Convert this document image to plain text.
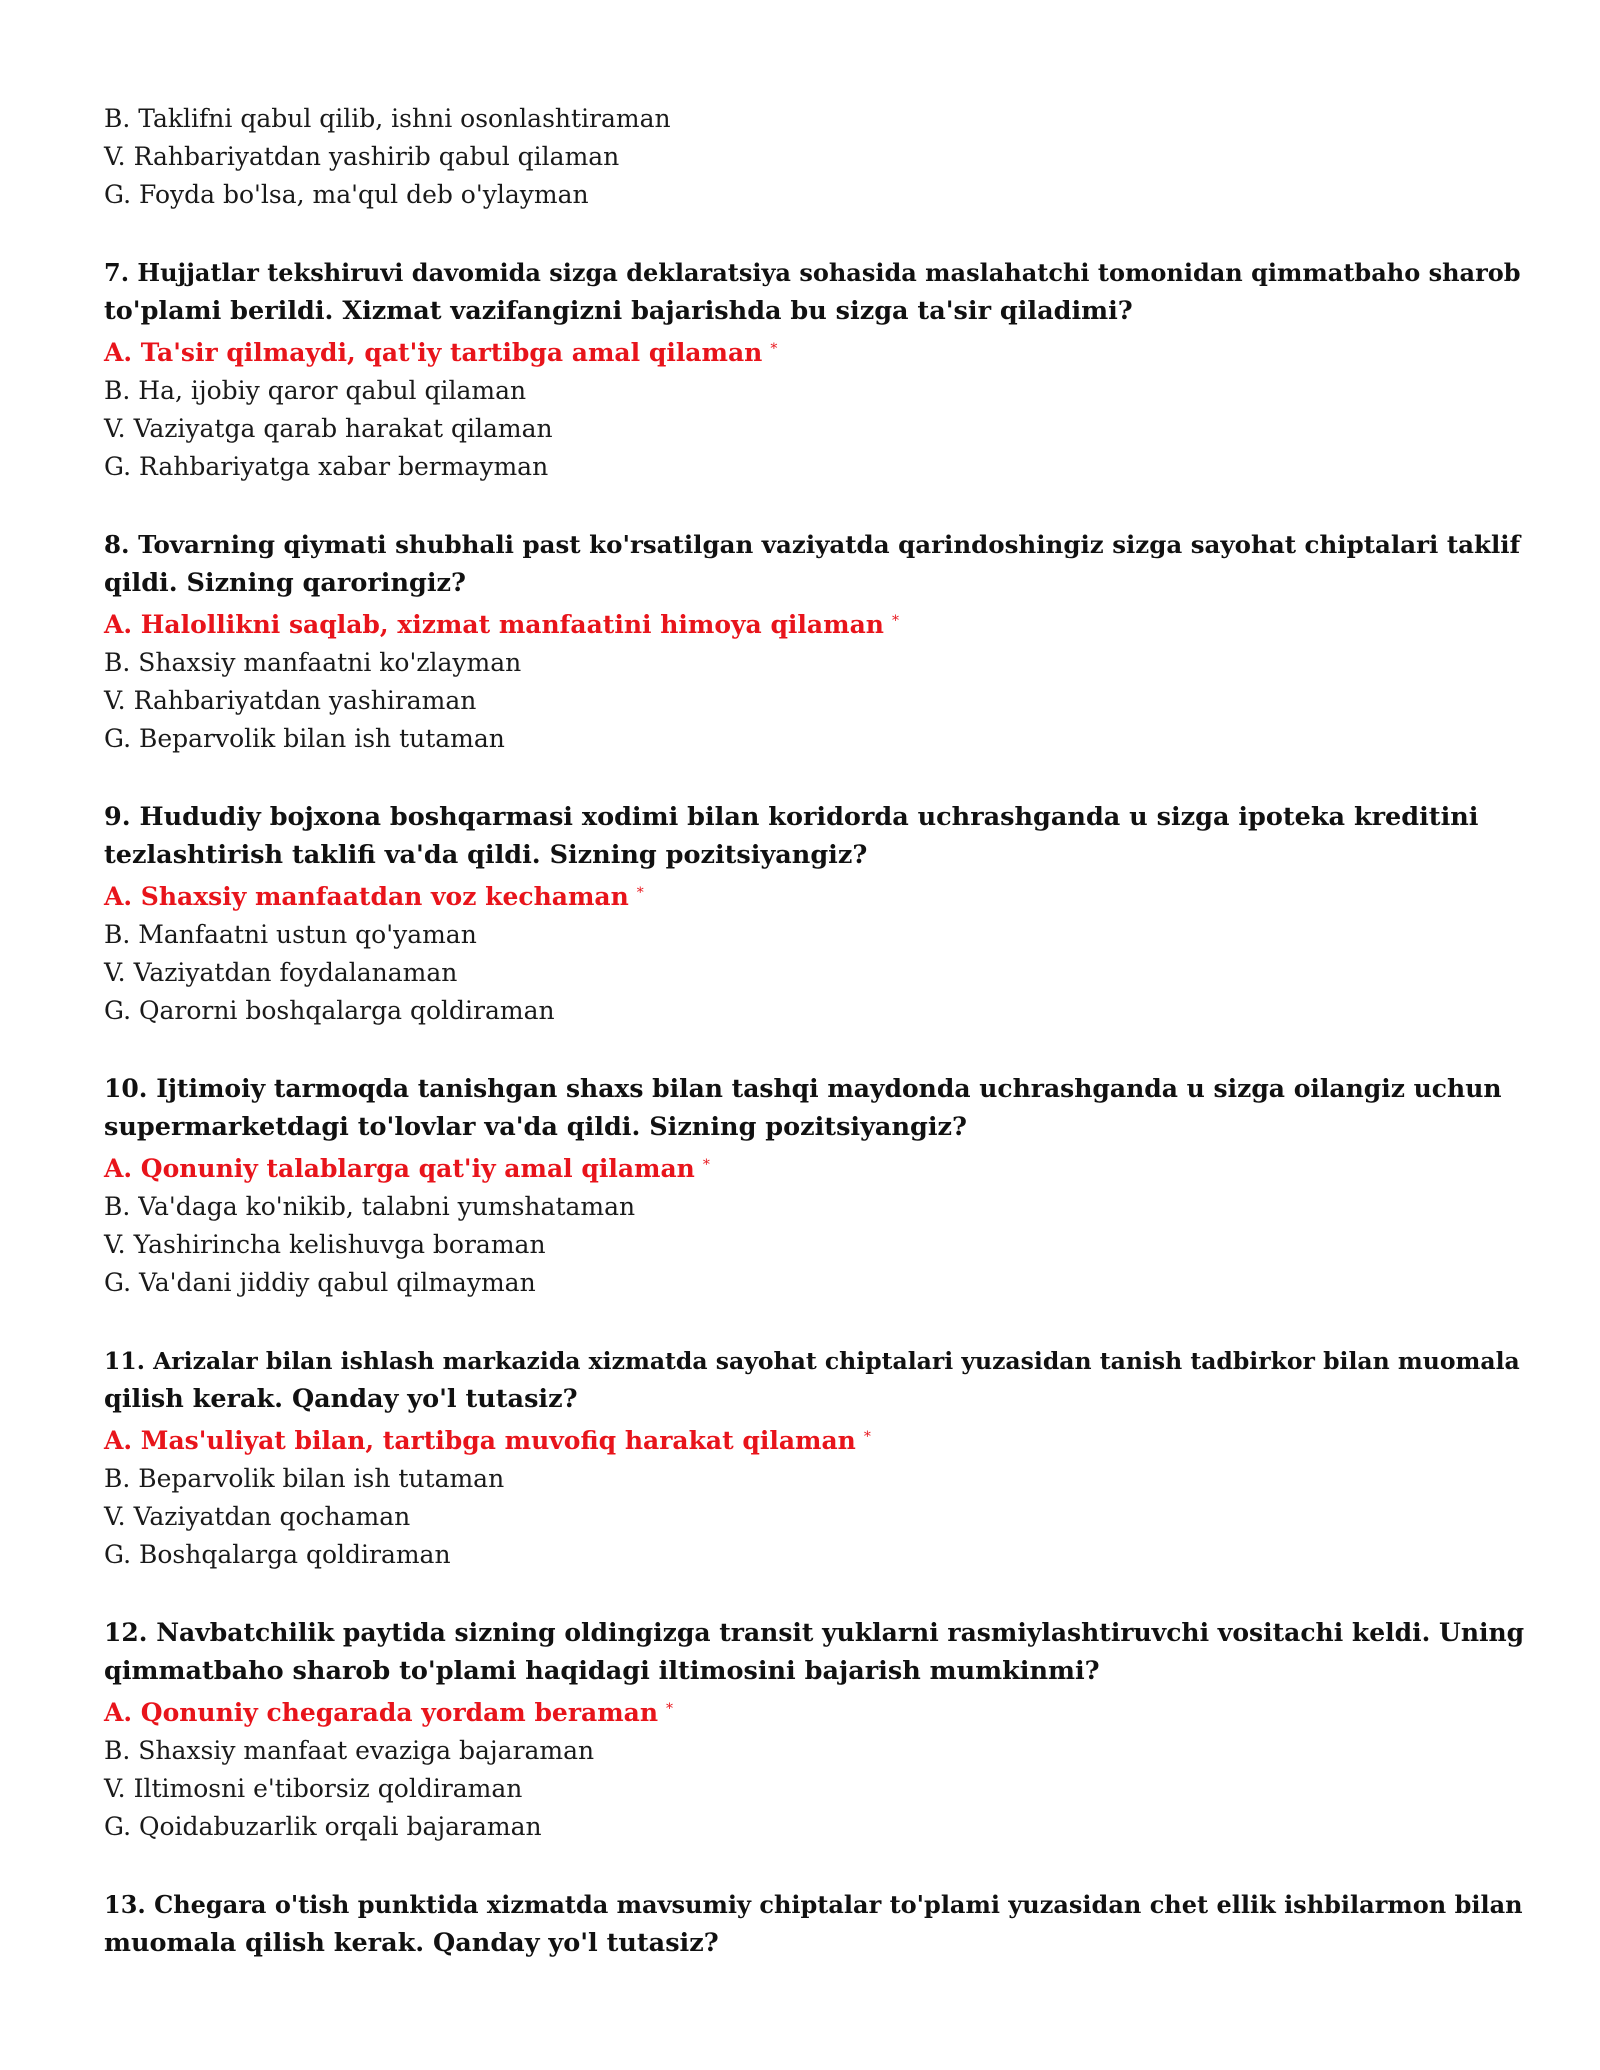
B. Taklifni qabul qilib, ishni osonlashtiraman
V. Rahbariyatdan yashirib qabul qilaman
G. Foyda bo'lsa, ma'qul deb o'ylayman
7. Hujjatlar tekshiruvi davomida sizga deklaratsiya sohasida maslahatchi tomonidan qimmatbaho sharob
to'plami berildi. Xizmat vazifangizni bajarishda bu sizga ta'sir qiladimi?
A. Ta'sir qilmaydi, qat'iy tartibga amal qilaman *
B. Ha, ijobiy qaror qabul qilaman
V. Vaziyatga qarab harakat qilaman
G. Rahbariyatga xabar bermayman
8. Tovarning qiymati shubhali past ko'rsatilgan vaziyatda qarindoshingiz sizga sayohat chiptalari taklif
qildi. Sizning qaroringiz?
A. Halollikni saqlab, xizmat manfaatini himoya qilaman *
B. Shaxsiy manfaatni ko'zlayman
V. Rahbariyatdan yashiraman
G. Beparvolik bilan ish tutaman
9. Hududiy bojxona boshqarmasi xodimi bilan koridorda uchrashganda u sizga ipoteka kreditini
tezlashtirish taklifi va'da qildi. Sizning pozitsiyangiz?
A. Shaxsiy manfaatdan voz kechaman *
B. Manfaatni ustun qo'yaman
V. Vaziyatdan foydalanaman
G. Qarorni boshqalarga qoldiraman
10. Ijtimoiy tarmoqda tanishgan shaxs bilan tashqi maydonda uchrashganda u sizga oilangiz uchun
supermarketdagi to'lovlar va'da qildi. Sizning pozitsiyangiz?
A. Qonuniy talablarga qat'iy amal qilaman *
B. Va'daga ko'nikib, talabni yumshataman
V. Yashirincha kelishuvga boraman
G. Va'dani jiddiy qabul qilmayman
11. Arizalar bilan ishlash markazida xizmatda sayohat chiptalari yuzasidan tanish tadbirkor bilan muomala
qilish kerak. Qanday yo'l tutasiz?
A. Mas'uliyat bilan, tartibga muvofiq harakat qilaman *
B. Beparvolik bilan ish tutaman
V. Vaziyatdan qochaman
G. Boshqalarga qoldiraman
12. Navbatchilik paytida sizning oldingizga transit yuklarni rasmiylashtiruvchi vositachi keldi. Uning
qimmatbaho sharob to'plami haqidagi iltimosini bajarish mumkinmi?
A. Qonuniy chegarada yordam beraman *
B. Shaxsiy manfaat evaziga bajaraman
V. Iltimosni e'tiborsiz qoldiraman
G. Qoidabuzarlik orqali bajaraman
13. Chegara o'tish punktida xizmatda mavsumiy chiptalar to'plami yuzasidan chet ellik ishbilarmon bilan
muomala qilish kerak. Qanday yo'l tutasiz?
